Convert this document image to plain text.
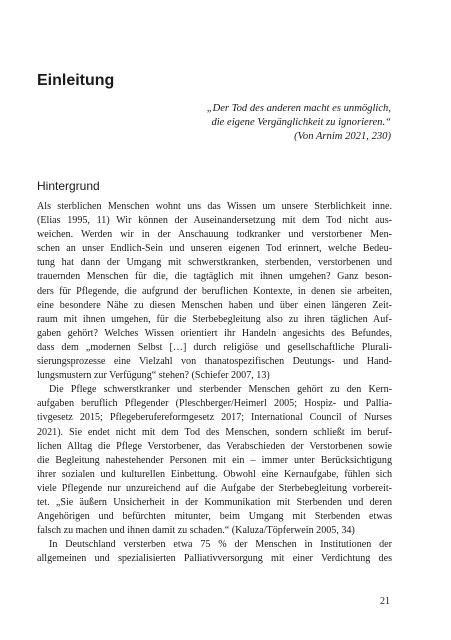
Einleitung
„Der Tod des anderen macht es unmöglich,
die eigene Vergänglichkeit zu ignorieren.“
(Von Arnim 2021, 230)
Hintergrund
Als sterblichen Menschen wohnt uns das Wissen um unsere Sterblichkeit inne.
(Elias 1995, 11) Wir können der Auseinandersetzung mit dem Tod nicht aus-
weichen. Werden wir in der Anschauung todkranker und verstorbener Men-
schen an unser Endlich-Sein und unseren eigenen Tod erinnert, welche Bedeu-
tung hat dann der Umgang mit schwerstkranken, sterbenden, verstorbenen und
trauernden Menschen für die, die tagtäglich mit ihnen umgehen? Ganz beson-
ders für Pflegende, die aufgrund der beruflichen Kontexte, in denen sie arbeiten,
eine besondere Nähe zu diesen Menschen haben und über einen längeren Zeit-
raum mit ihnen umgehen, für die Sterbebegleitung also zu ihren täglichen Auf-
gaben gehört? Welches Wissen orientiert ihr Handeln angesichts des Befundes,
dass dem „modernen Selbst […] durch religiöse und gesellschaftliche Plurali-
sierungsprozesse eine Vielzahl von thanatospezifischen Deutungs- und Hand-
lungsmustern zur Verfügung“ stehen? (Schiefer 2007, 13)
Die Pflege schwerstkranker und sterbender Menschen gehört zu den Kern-
aufgaben beruflich Pflegender (Pleschberger/Heimerl 2005; Hospiz- und Pallia-
tivgesetz 2015; Pflegeberufereformgesetz 2017; International Council of Nurses
2021). Sie endet nicht mit dem Tod des Menschen, sondern schließt im beruf-
lichen Alltag die Pflege Verstorbener, das Verabschieden der Verstorbenen sowie
die Begleitung nahestehender Personen mit ein – immer unter Berücksichtigung
ihrer sozialen und kulturellen Einbettung. Obwohl eine Kernaufgabe, fühlen sich
viele Pflegende nur unzureichend auf die Aufgabe der Sterbebegleitung vorbereit-
tet. „Sie äußern Unsicherheit in der Kommunikation mit Sterbenden und deren
Angehörigen und befürchten mitunter, beim Umgang mit Sterbenden etwas
falsch zu machen und ihnen damit zu schaden.“ (Kaluza/Töpferwein 2005, 34)
In Deutschland versterben etwa 75 % der Menschen in Institutionen der
allgemeinen und spezialisierten Palliativversorgung mit einer Verdichtung des
21
